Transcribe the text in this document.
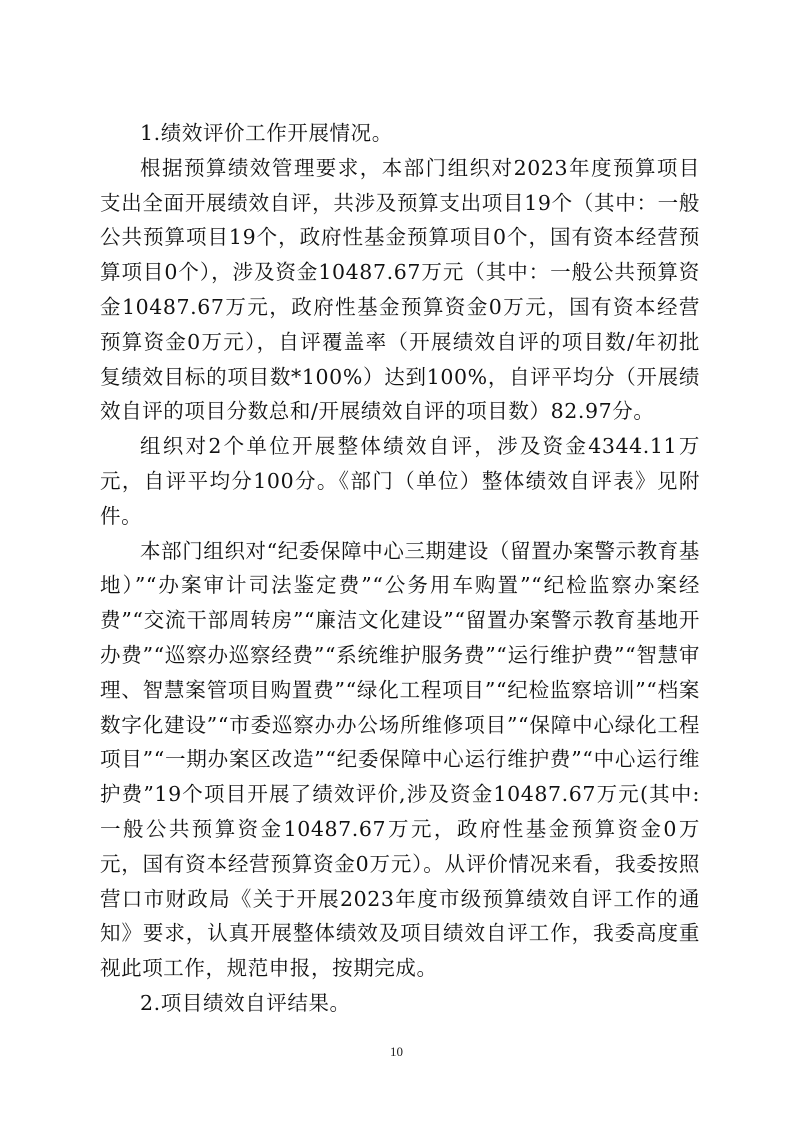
1.绩效评价工作开展情况。

根据预算绩效管理要求，本部门组织对2023年度预算项目支出全面开展绩效自评，共涉及预算支出项目19个（其中：一般公共预算项目19个，政府性基金预算项目0个，国有资本经营预算项目0个），涉及资金10487.67万元（其中：一般公共预算资金10487.67万元，政府性基金预算资金0万元，国有资本经营预算资金0万元），自评覆盖率（开展绩效自评的项目数/年初批复绩效目标的项目数*100%）达到100%，自评平均分（开展绩效自评的项目分数总和/开展绩效自评的项目数）82.97分。

组织对2个单位开展整体绩效自评，涉及资金4344.11万元，自评平均分100分。《部门（单位）整体绩效自评表》见附件。

本部门组织对“纪委保障中心三期建设（留置办案警示教育基地）”“办案审计司法鉴定费”“公务用车购置”“纪检监察办案经费”“交流干部周转房”“廉洁文化建设”“留置办案警示教育基地开办费”“巡察办巡察经费”“系统维护服务费”“运行维护费”“智慧审理、智慧案管项目购置费”“绿化工程项目”“纪检监察培训”“档案数字化建设”“市委巡察办办公场所维修项目”“保障中心绿化工程项目”“一期办案区改造”“纪委保障中心运行维护费”“中心运行维护费”19个项目开展了绩效评价,涉及资金10487.67万元(其中:一般公共预算资金10487.67万元，政府性基金预算资金0万元，国有资本经营预算资金0万元）。从评价情况来看，我委按照营口市财政局《关于开展2023年度市级预算绩效自评工作的通知》要求，认真开展整体绩效及项目绩效自评工作，我委高度重视此项工作，规范申报，按期完成。

2.项目绩效自评结果。

10
